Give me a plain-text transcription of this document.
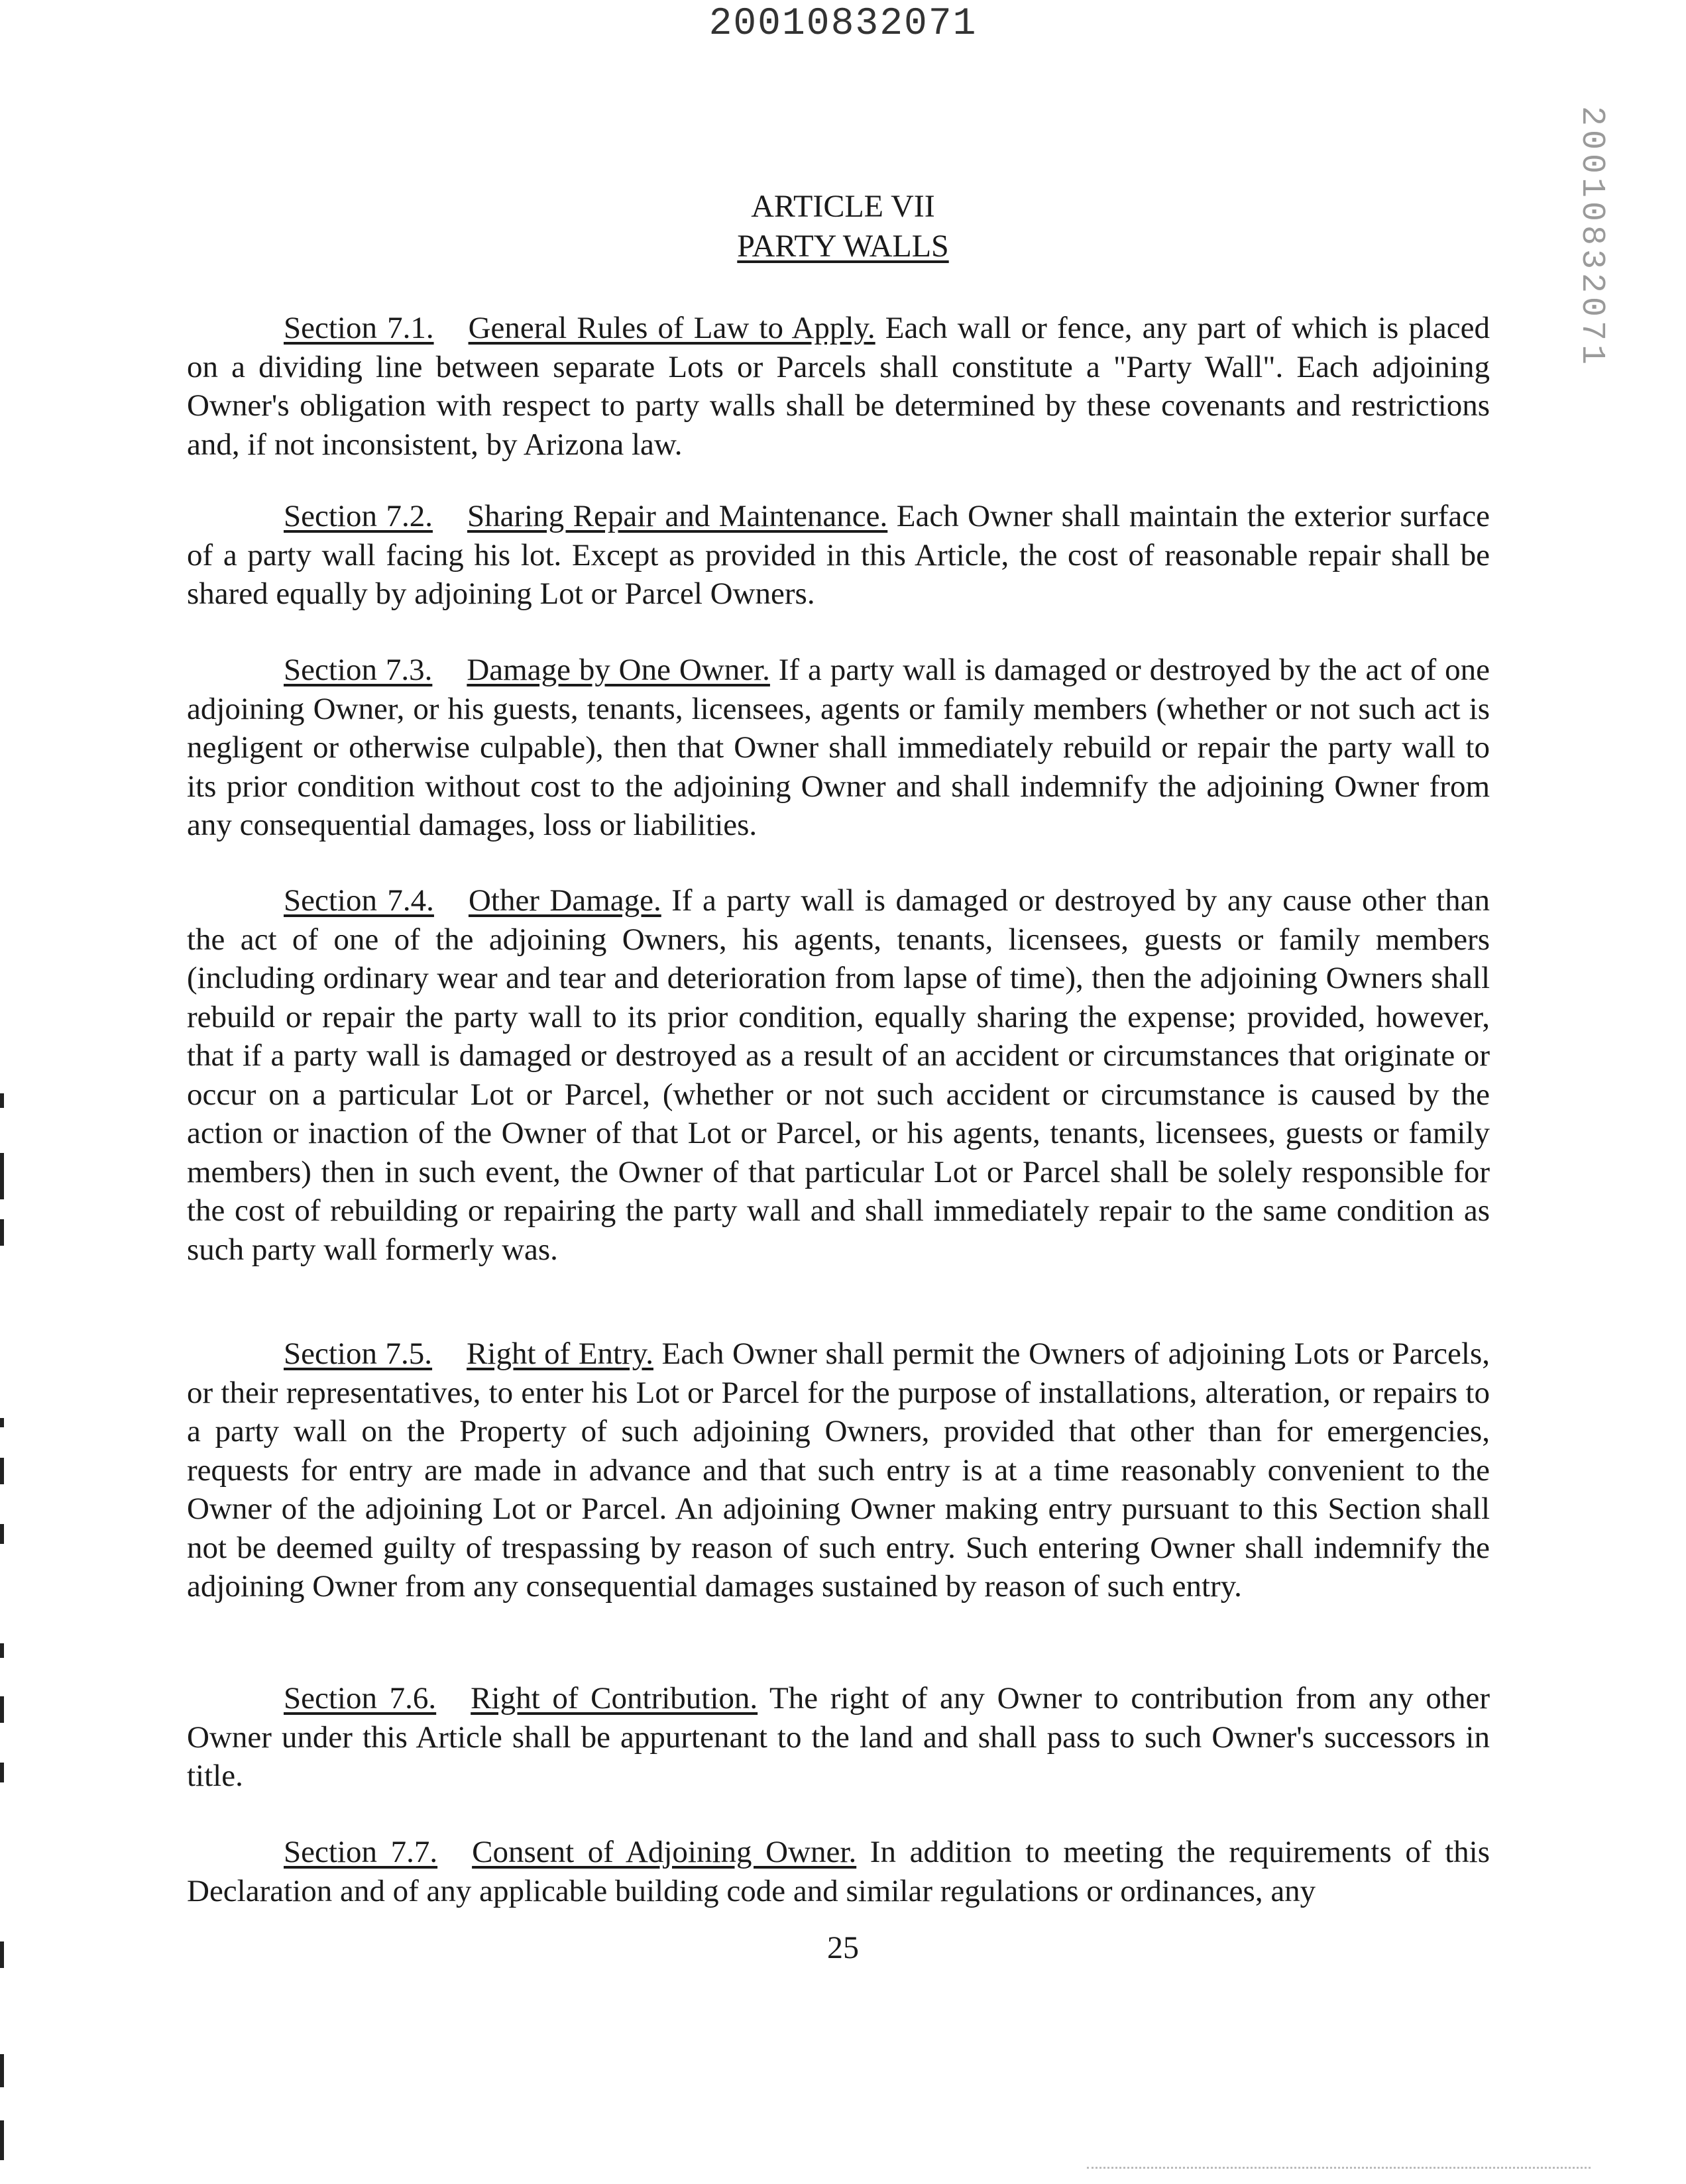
20010832071
20010832071
ARTICLE VII
PARTY WALLS
Section 7.1. General Rules of Law to Apply. Each wall or fence, any part of which is placed on a dividing line between separate Lots or Parcels shall constitute a "Party Wall". Each adjoining Owner's obligation with respect to party walls shall be determined by these covenants and restrictions and, if not inconsistent, by Arizona law.
Section 7.2. Sharing Repair and Maintenance. Each Owner shall maintain the exterior surface of a party wall facing his lot. Except as provided in this Article, the cost of reasonable repair shall be shared equally by adjoining Lot or Parcel Owners.
Section 7.3. Damage by One Owner. If a party wall is damaged or destroyed by the act of one adjoining Owner, or his guests, tenants, licensees, agents or family members (whether or not such act is negligent or otherwise culpable), then that Owner shall immediately rebuild or repair the party wall to its prior condition without cost to the adjoining Owner and shall indemnify the adjoining Owner from any consequential damages, loss or liabilities.
Section 7.4. Other Damage. If a party wall is damaged or destroyed by any cause other than the act of one of the adjoining Owners, his agents, tenants, licensees, guests or family members (including ordinary wear and tear and deterioration from lapse of time), then the adjoining Owners shall rebuild or repair the party wall to its prior condition, equally sharing the expense; provided, however, that if a party wall is damaged or destroyed as a result of an accident or circumstances that originate or occur on a particular Lot or Parcel, (whether or not such accident or circumstance is caused by the action or inaction of the Owner of that Lot or Parcel, or his agents, tenants, licensees, guests or family members) then in such event, the Owner of that particular Lot or Parcel shall be solely responsible for the cost of rebuilding or repairing the party wall and shall immediately repair to the same condition as such party wall formerly was.
Section 7.5. Right of Entry. Each Owner shall permit the Owners of adjoining Lots or Parcels, or their representatives, to enter his Lot or Parcel for the purpose of installations, alteration, or repairs to a party wall on the Property of such adjoining Owners, provided that other than for emergencies, requests for entry are made in advance and that such entry is at a time reasonably convenient to the Owner of the adjoining Lot or Parcel. An adjoining Owner making entry pursuant to this Section shall not be deemed guilty of trespassing by reason of such entry. Such entering Owner shall indemnify the adjoining Owner from any consequential damages sustained by reason of such entry.
Section 7.6. Right of Contribution. The right of any Owner to contribution from any other Owner under this Article shall be appurtenant to the land and shall pass to such Owner's successors in title.
Section 7.7. Consent of Adjoining Owner. In addition to meeting the requirements of this Declaration and of any applicable building code and similar regulations or ordinances, any
25
